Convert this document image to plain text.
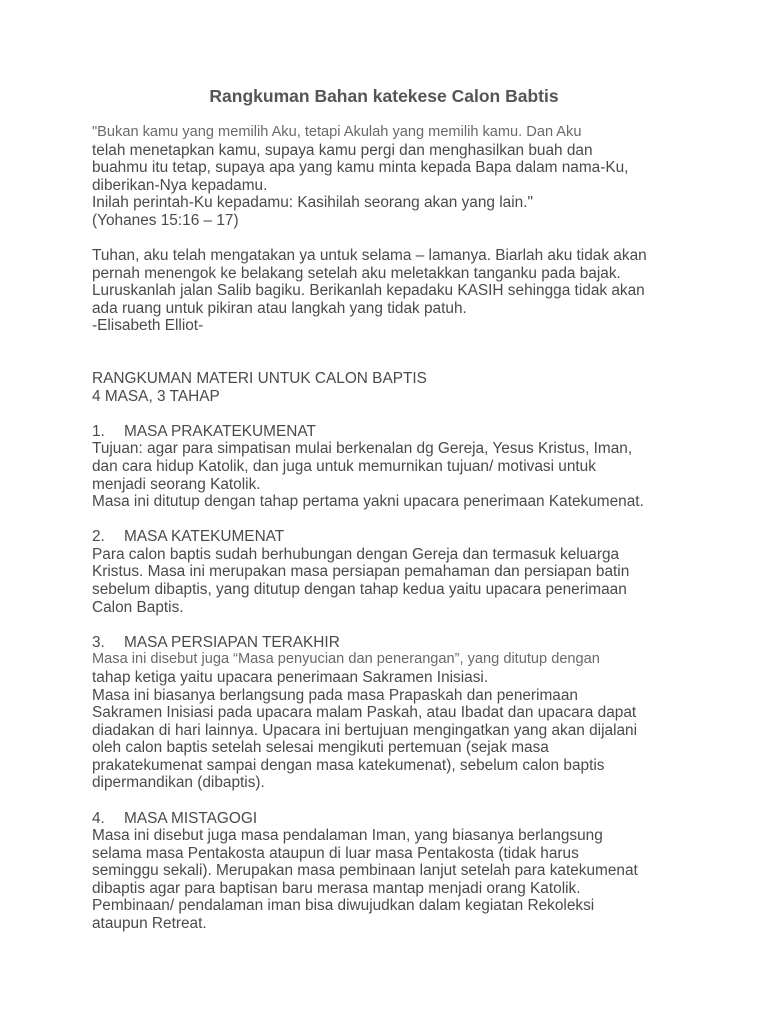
Rangkuman Bahan katekese Calon Babtis
"Bukan kamu yang memilih Aku, tetapi Akulah yang memilih kamu. Dan Aku
telah menetapkan kamu, supaya kamu pergi dan menghasilkan buah dan
buahmu itu tetap, supaya apa yang kamu minta kepada Bapa dalam nama-Ku,
diberikan-Nya kepadamu.
Inilah perintah-Ku kepadamu: Kasihilah seorang akan yang lain."
(Yohanes 15:16 – 17)
Tuhan, aku telah mengatakan ya untuk selama – lamanya. Biarlah aku tidak akan
pernah menengok ke belakang setelah aku meletakkan tanganku pada bajak.
Luruskanlah jalan Salib bagiku. Berikanlah kepadaku KASIH sehingga tidak akan
ada ruang untuk pikiran atau langkah yang tidak patuh.
-Elisabeth Elliot-
RANGKUMAN MATERI UNTUK CALON BAPTIS
4 MASA, 3 TAHAP
1. MASA PRAKATEKUMENAT
Tujuan: agar para simpatisan mulai berkenalan dg Gereja, Yesus Kristus, Iman,
dan cara hidup Katolik, dan juga untuk memurnikan tujuan/ motivasi untuk
menjadi seorang Katolik.
Masa ini ditutup dengan tahap pertama yakni upacara penerimaan Katekumenat.
2. MASA KATEKUMENAT
Para calon baptis sudah berhubungan dengan Gereja dan termasuk keluarga
Kristus. Masa ini merupakan masa persiapan pemahaman dan persiapan batin
sebelum dibaptis, yang ditutup dengan tahap kedua yaitu upacara penerimaan
Calon Baptis.
3. MASA PERSIAPAN TERAKHIR
Masa ini disebut juga “Masa penyucian dan penerangan”, yang ditutup dengan
tahap ketiga yaitu upacara penerimaan Sakramen Inisiasi.
Masa ini biasanya berlangsung pada masa Prapaskah dan penerimaan
Sakramen Inisiasi pada upacara malam Paskah, atau Ibadat dan upacara dapat
diadakan di hari lainnya. Upacara ini bertujuan mengingatkan yang akan dijalani
oleh calon baptis setelah selesai mengikuti pertemuan (sejak masa
prakatekumenat sampai dengan masa katekumenat), sebelum calon baptis
dipermandikan (dibaptis).
4. MASA MISTAGOGI
Masa ini disebut juga masa pendalaman Iman, yang biasanya berlangsung
selama masa Pentakosta ataupun di luar masa Pentakosta (tidak harus
seminggu sekali). Merupakan masa pembinaan lanjut setelah para katekumenat
dibaptis agar para baptisan baru merasa mantap menjadi orang Katolik.
Pembinaan/ pendalaman iman bisa diwujudkan dalam kegiatan Rekoleksi
ataupun Retreat.
